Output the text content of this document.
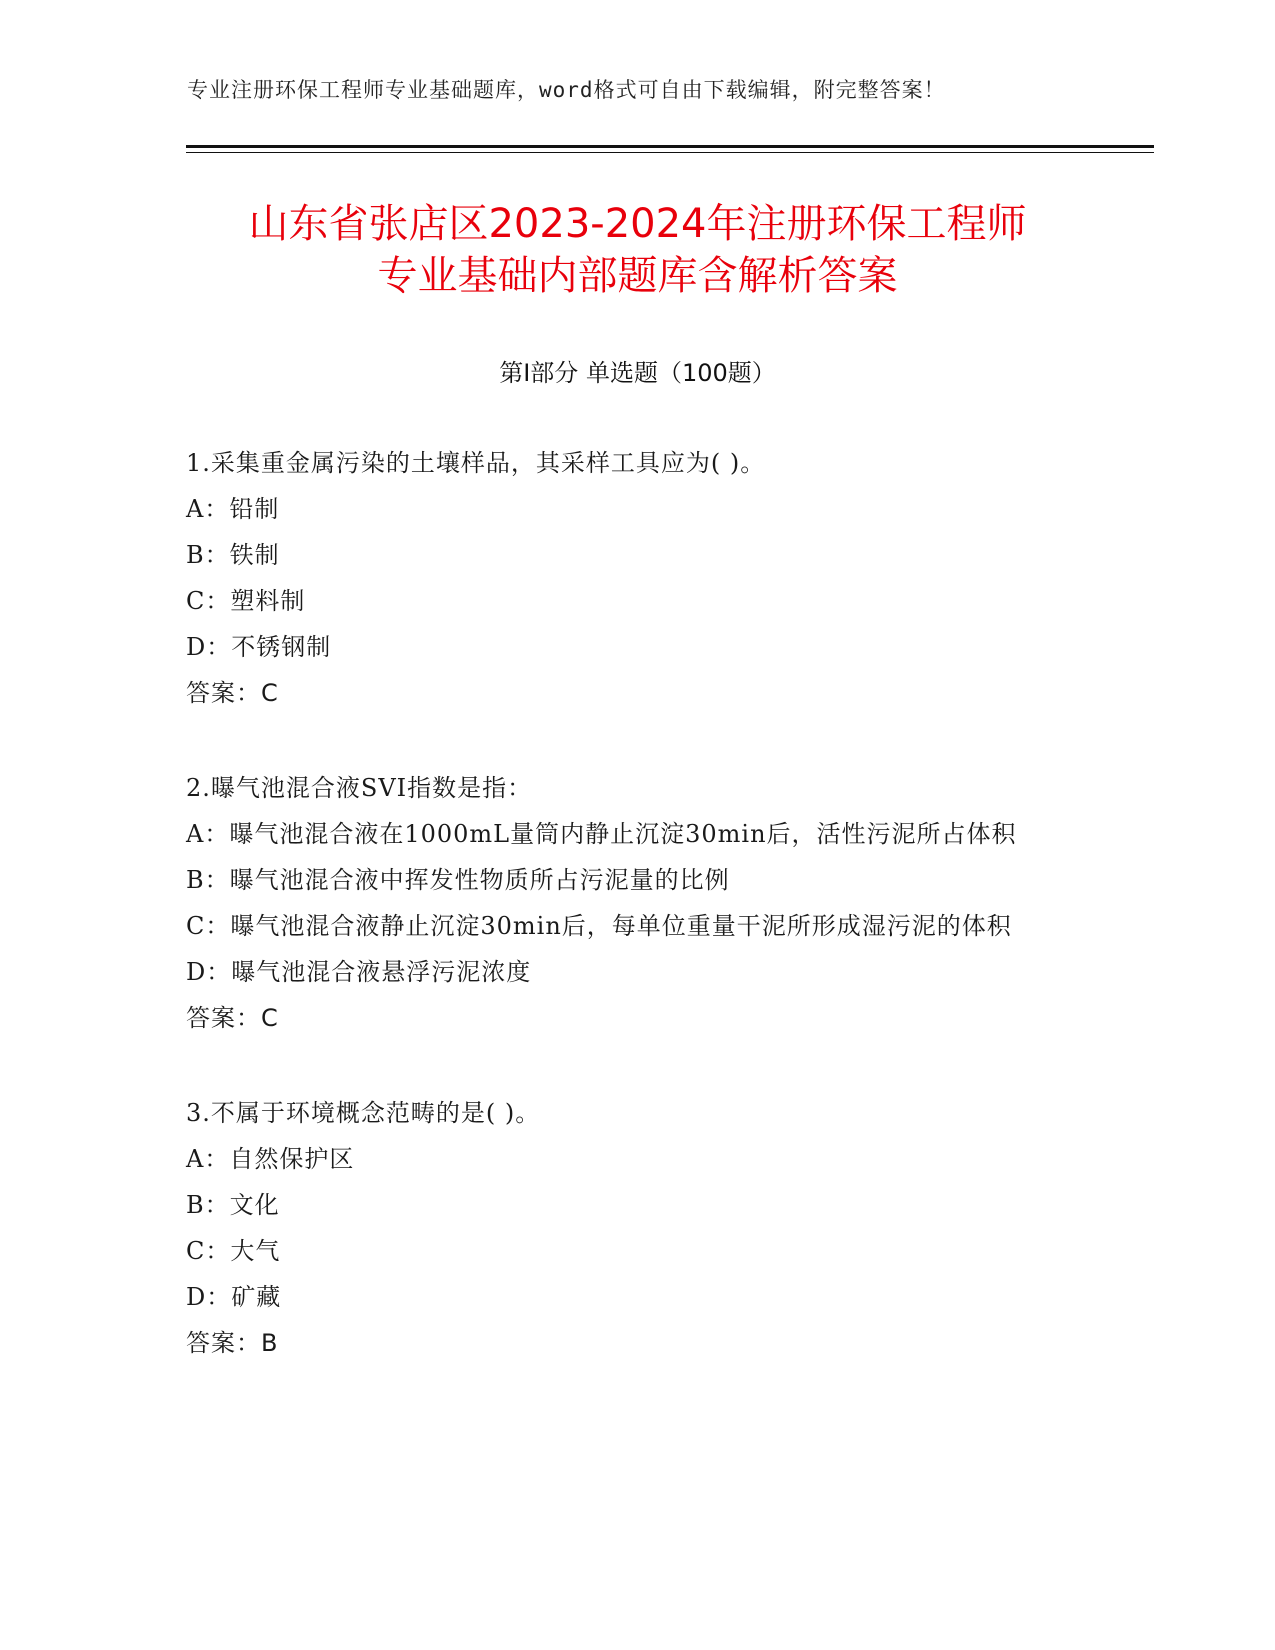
专业注册环保工程师专业基础题库，word格式可自由下载编辑，附完整答案！
山东省张店区2023-2024年注册环保工程师
专业基础内部题库含解析答案
第Ⅰ部分 单选题（100题）
1.采集重金属污染的土壤样品，其采样工具应为( )。
A：铅制
B：铁制
C：塑料制
D：不锈钢制
答案：C
2.曝气池混合液SVI指数是指：
A：曝气池混合液在1000mL量筒内静止沉淀30min后，活性污泥所占体积
B：曝气池混合液中挥发性物质所占污泥量的比例
C：曝气池混合液静止沉淀30min后，每单位重量干泥所形成湿污泥的体积
D：曝气池混合液悬浮污泥浓度
答案：C
3.不属于环境概念范畴的是( )。
A：自然保护区
B：文化
C：大气
D：矿藏
答案：B
